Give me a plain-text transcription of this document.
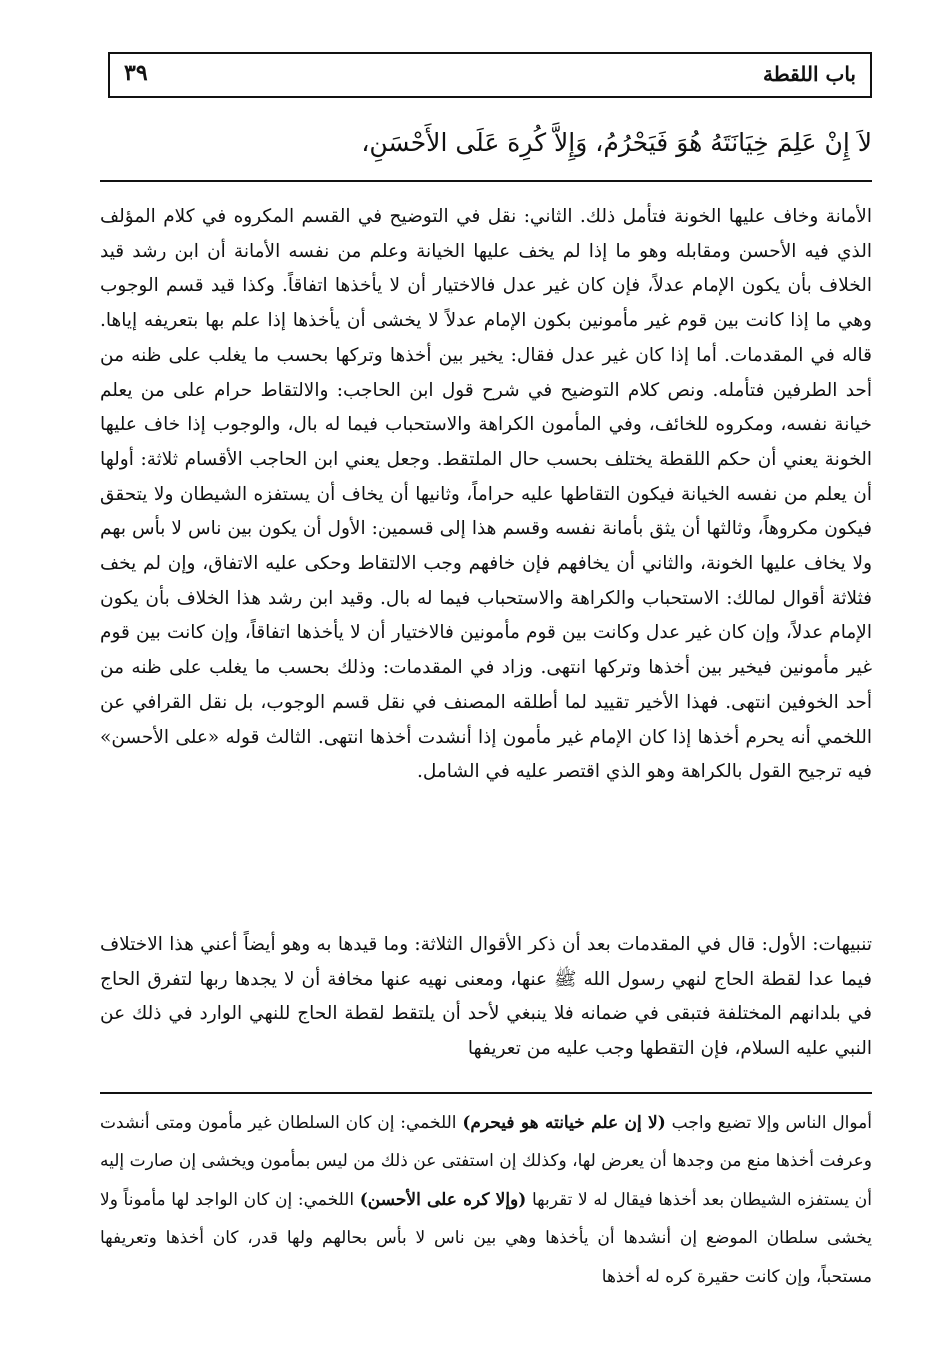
باب اللقطة
٣٩
لاَ إِنْ عَلِمَ خِيَانَتَهُ هُوَ فَيَحْرُمُ، وَإِلاَّ كُرِهَ عَلَى الأَحْسَنِ،

الأمانة وخاف عليها الخونة فتأمل ذلك. الثاني: نقل في التوضيح في القسم المكروه في كلام المؤلف الذي فيه الأحسن ومقابله وهو ما إذا لم يخف عليها الخيانة وعلم من نفسه الأمانة أن ابن رشد قيد الخلاف بأن يكون الإمام عدلاً، فإن كان غير عدل فالاختيار أن لا يأخذها اتفاقاً. وكذا قيد قسم الوجوب وهي ما إذا كانت بين قوم غير مأمونين بكون الإمام عدلاً لا يخشى أن يأخذها إذا علم بها بتعريفه إياها. قاله في المقدمات. أما إذا كان غير عدل فقال: يخير بين أخذها وتركها بحسب ما يغلب على ظنه من أحد الطرفين فتأمله. ونص كلام التوضيح في شرح قول ابن الحاجب: والالتقاط حرام على من يعلم خيانة نفسه، ومكروه للخائف، وفي المأمون الكراهة والاستحباب فيما له بال، والوجوب إذا خاف عليها الخونة يعني أن حكم اللقطة يختلف بحسب حال الملتقط. وجعل يعني ابن الحاجب الأقسام ثلاثة: أولها أن يعلم من نفسه الخيانة فيكون التقاطها عليه حراماً، وثانيها أن يخاف أن يستفزه الشيطان ولا يتحقق فيكون مكروهاً، وثالثها أن يثق بأمانة نفسه وقسم هذا إلى قسمين: الأول أن يكون بين ناس لا بأس بهم ولا يخاف عليها الخونة، والثاني أن يخافهم فإن خافهم وجب الالتقاط وحكى عليه الاتفاق، وإن لم يخف فثلاثة أقوال لمالك: الاستحباب والكراهة والاستحباب فيما له بال. وقيد ابن رشد هذا الخلاف بأن يكون الإمام عدلاً، وإن كان غير عدل وكانت بين قوم مأمونين فالاختيار أن لا يأخذها اتفاقاً، وإن كانت بين قوم غير مأمونين فيخير بين أخذها وتركها انتهى. وزاد في المقدمات: وذلك بحسب ما يغلب على ظنه من أحد الخوفين انتهى. فهذا الأخير تقييد لما أطلقه المصنف في نقل قسم الوجوب، بل نقل القرافي عن اللخمي أنه يحرم أخذها إذا كان الإمام غير مأمون إذا أنشدت أخذها انتهى. الثالث قوله «على الأحسن» فيه ترجيح القول بالكراهة وهو الذي اقتصر عليه في الشامل.

تنبيهات: الأول: قال في المقدمات بعد أن ذكر الأقوال الثلاثة: وما قيدها به وهو أيضاً أعني هذا الاختلاف فيما عدا لقطة الحاج لنهي رسول الله ﷺ عنها، ومعنى نهيه عنها مخافة أن لا يجدها ربها لتفرق الحاج في بلدانهم المختلفة فتبقى في ضمانه فلا ينبغي لأحد أن يلتقط لقطة الحاج للنهي الوارد في ذلك عن النبي عليه السلام، فإن التقطها وجب عليه من تعريفها

أموال الناس وإلا تضيع واجب (لا إن علم خيانته هو فيحرم) اللخمي: إن كان السلطان غير مأمون ومتى أنشدت وعرفت أخذها منع من وجدها أن يعرض لها، وكذلك إن استفتى عن ذلك من ليس بمأمون ويخشى إن صارت إليه أن يستفزه الشيطان بعد أخذها فيقال له لا تقربها (وإلا كره على الأحسن) اللخمي: إن كان الواجد لها مأموناً ولا يخشى سلطان الموضع إن أنشدها أن يأخذها وهي بين ناس لا بأس بحالهم ولها قدر، كان أخذها وتعريفها مستحباً، وإن كانت حقيرة كره له أخذها
